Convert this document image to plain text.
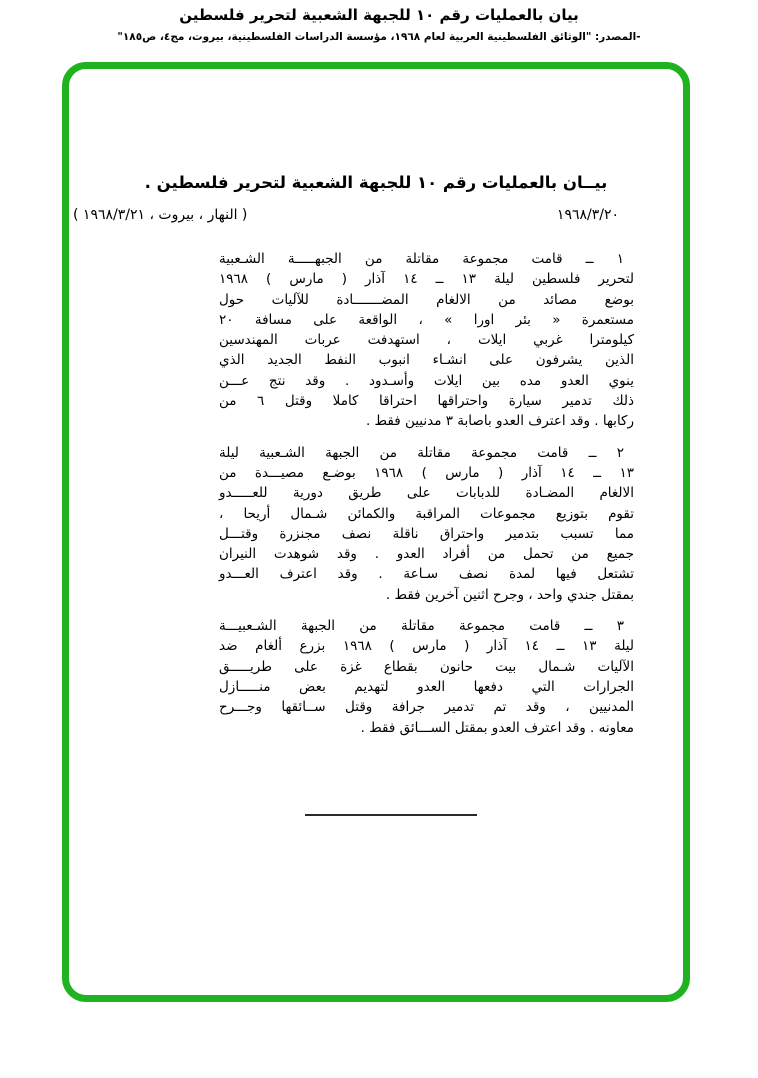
بيان بالعمليات رقم ١٠ للجبهة الشعبية لتحرير فلسطين
-المصدر: "الوثائق الفلسطينية العربية لعام ١٩٦٨، مؤسسة الدراسات الفلسطينية، بيروت، مج٤، ص١٨٥"
بيــان بالعمليات رقم ١٠ للجبهة الشعبية لتحرير فلسطين .
١٩٦٨/٣/٢٠
( النهار ، بيروت ، ١٩٦٨/٣/٢١ )
١ ــ قامت مجموعة مقاتلة من الجبهـــــة الشـعبية
لتحرير فلسطين ليلة ١٣ ــ ١٤ آذار ( مارس ) ١٩٦٨
بوضع مصائد من الالغام المضـــــــادة للآليات حول
مستعمرة « بئر اورا » ، الواقعة على مسافة ٢٠
كيلومترا غربي ايلات ، استهدفت عربات المهندسين
الذين يشرفون على انشـاء انبوب النفط الجديد الذي
ينوي العدو مده بين ايلات وأسـدود . وقد نتج عـــن
ذلك تدمير سيارة واحتراقها احتراقا كاملا وقتل ٦ من
ركابها . وقد اعترف العدو باصابة ٣ مدنيين فقط .
٢ ــ قامت مجموعة مقاتلة من الجبهة الشـعبية ليلة
١٣ ــ ١٤ آذار ( مارس ) ١٩٦٨ بوضـع مصيـــدة من
الالغام المضـادة للدبابات على طريق دورية للعـــــدو
تقوم بتوزيع مجموعات المراقبة والكمائن شـمال أريحا ،
مما تسبب بتدمير واحتراق ناقلة نصف مجنزرة وقتـــل
جميع من تحمل من أفراد العدو . وقد شوهدت النيران
تشتعل فيها لمدة نصف سـاعة . وقد اعترف العـــدو
بمقتل جندي واحد ، وجرح اثنين آخرين فقط .
٣ ــ قامت مجموعة مقاتلة من الجبهة الشـعبيـــة
ليلة ١٣ ــ ١٤ آذار ( مارس ) ١٩٦٨ بزرع ألغام ضد
الآليات شـمال بيت حانون بقطاع غزة على طريـــــق
الجرارات التي دفعها العدو لتهديم بعض منـــــازل
المدنيين ، وقد تم تدمير جرافة وقتل ســائقها وجـــرح
معاونه . وقد اعترف العدو بمقتل الســـائق فقط .
